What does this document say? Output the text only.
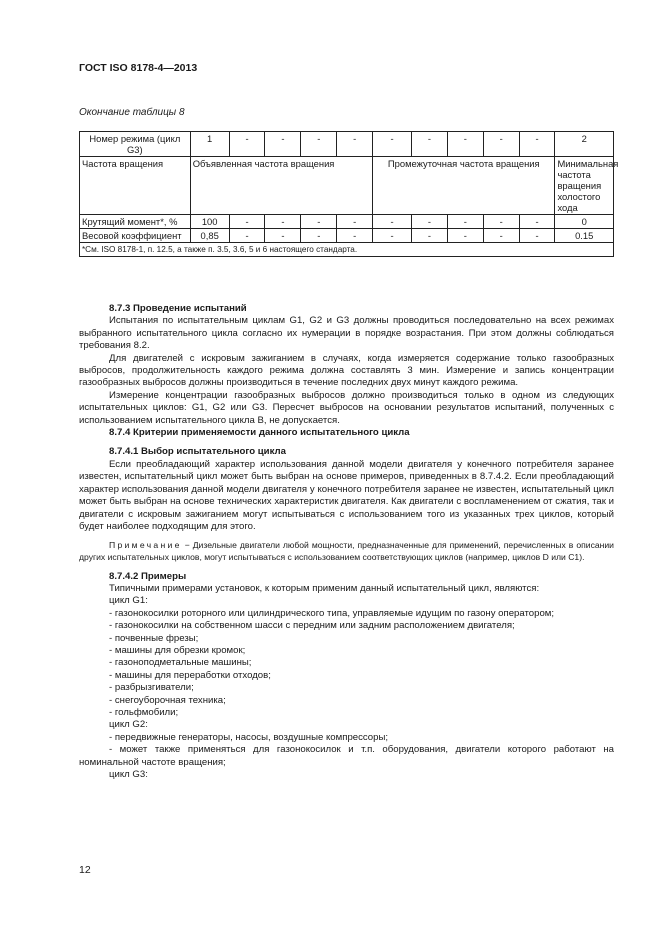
ГОСТ ISO 8178-4—2013
Окончание таблицы 8
Номер режима (цикл G3)	1	-	-	-	-	-	-	-	-	-	2
Частота вращения	Объявленная частота вращения					Промежуточная частота вращения					Минимальная частота вращения холостого хода
Крутящий момент*, %	100	-	-	-	-	-	-	-	-	-	0
Весовой коэффициент	0,85	-	-	-	-	-	-	-	-	-	0.15
*См. ISO 8178-1, п. 12.5, а также п. 3.5, 3.6, 5 и 6 настоящего стандарта.											

8.7.3 Проведение испытаний

Испытания по испытательным циклам G1, G2 и G3 должны проводиться последовательно на всех режимах выбранного испытательного цикла согласно их нумерации в порядке возрастания. При этом должны соблюдаться требования 8.2.

Для двигателей с искровым зажиганием в случаях, когда измеряется содержание только газообразных выбросов, продолжительность каждого режима должна составлять 3 мин. Измерение и запись концентрации газообразных выбросов должны производиться в течение последних двух минут каждого режима.

Измерение концентрации газообразных выбросов должно производиться только в одном из следующих испытательных циклов: G1, G2 или G3. Пересчет выбросов на основании результатов испытаний, полученных с использованием испытательного цикла В, не допускается.

8.7.4 Критерии применяемости данного испытательного цикла

8.7.4.1 Выбор испытательного цикла

Если преобладающий характер использования данной модели двигателя у конечного потребителя заранее известен, испытательный цикл может быть выбран на основе примеров, приведенных в 8.7.4.2. Если преобладающий характер использования данной модели двигателя у конечного потребителя заранее не известен, испытательный цикл может быть выбран на основе технических характеристик двигателя. Как двигатели с воспламенением от сжатия, так и двигатели с искровым зажиганием могут испытываться с использованием того из указанных трех циклов, который будет наиболее подходящим для этого.

Примечание − Дизельные двигатели любой мощности, предназначенные для применений, перечисленных в описании других испытательных циклов, могут испытываться с использованием соответствующих циклов (например, циклов D или C1).

8.7.4.2 Примеры

Типичными примерами установок, к которым применим данный испытательный цикл, являются:

цикл G1:

- газонокосилки роторного или цилиндрического типа, управляемые идущим по газону оператором;

- газонокосилки на собственном шасси с передним или задним расположением двигателя;

- почвенные фрезы;

- машины для обрезки кромок;

- газоноподметальные машины;

- машины для переработки отходов;

- разбрызгиватели;

- снегоуборочная техника;

- гольфмобили;

цикл G2:

- передвижные генераторы, насосы, воздушные компрессоры;

- может также применяться для газонокосилок и т.п. оборудования, двигатели которого работают на номинальной частоте вращения;

цикл G3:

12
